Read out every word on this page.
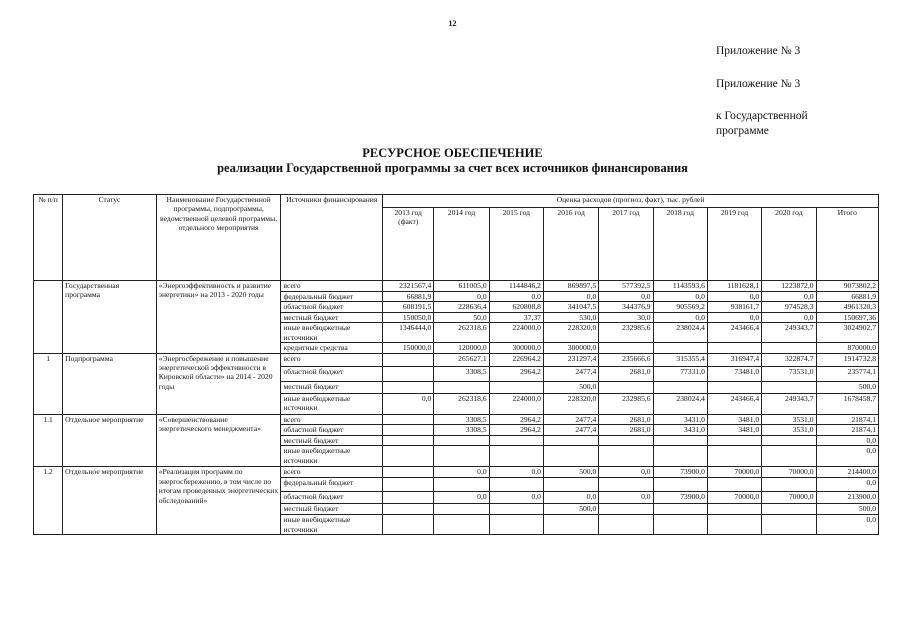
12
Приложение № 3
Приложение № 3
к Государственной
программе
РЕСУРСНОЕ ОБЕСПЕЧЕНИЕ
реализации Государственной программы за счет всех источников финансирования
№ п/п	Статус	Наименование Государственной программы, подпрограммы, ведомственной целевой программы, отдельного мероприятия	Источники финансирования	Оценка расходов (прогноз, факт), тыс. рублей								
				2013 год (факт)	2014 год	2015 год	2016 год	2017 год	2018 год	2019 год	2020 год	Итого
	Государственная программа	«Энергоэффективность и развитие энергетики» на 2013 - 2020 годы	всего	2321567,4	611005,0	1144846,2	869897,5	577392,5	1143593,6	1181628,1	1223872,0	9073802,2
			федеральный бюджет	66881,9	0,0	0,0	0,0	0,0	0,0	0,0	0,0	66881,9
			областной бюджет	608191,5	228636,4	620808,8	341047,5	344376,9	905569,2	938161,7	974528,3	4961320,3
			местный бюджет	150050,0	50,0	37,37	530,0	30,0	0,0	0,0	0,0	150697,36
			иные внебюджетные источники	1346444,0	262318,6	224000,0	228320,0	232985,6	238024,4	243466,4	249343,7	3024902,7
			кредитные средства	150000,0	120000,0	300000,0	300000,0					870000,0
1	Подпрограмма	«Энергосбережение и повышение энергетической эффективности в Кировской области» на 2014 - 2020 годы	всего		265627,1	226964,2	231297,4	235666,6	315355,4	316947,4	322874,7	1914732,8
			областной бюджет		3308,5	2964,2	2477,4	2681,0	77331,0	73481,0	73531,0	235774,1
			местный бюджет				500,0					500,0
			иные внебюджетные источники	0,0	262318,6	224000,0	228320,0	232985,6	238024,4	243466,4	249343,7	1678458,7
1.1	Отдельное мероприятие	«Совершенствование энергетического менеджмента»	всего		3308,5	2964,2	2477,4	2681,0	3431,0	3481,0	3531,0	21874,1
			областной бюджет		3308,5	2964,2	2477,4	2681,0	3431,0	3481,0	3531,0	21874,1
			местный бюджет									0,0
			иные внебюджетные источники									0,0
1.2	Отдельное мероприятие	«Реализация программ по энергосбережению, в том числе по итогам проведенных энергетических обследований»	всего		0,0	0,0	500,0	0,0	73900,0	70000,0	70000,0	214400,0
			федеральный бюджет									0,0
			областной бюджет		0,0	0,0	0,0	0,0	73900,0	70000,0	70000,0	213900,0
			местный бюджет				500,0					500,0
			иные внебюджетные источники									0,0
